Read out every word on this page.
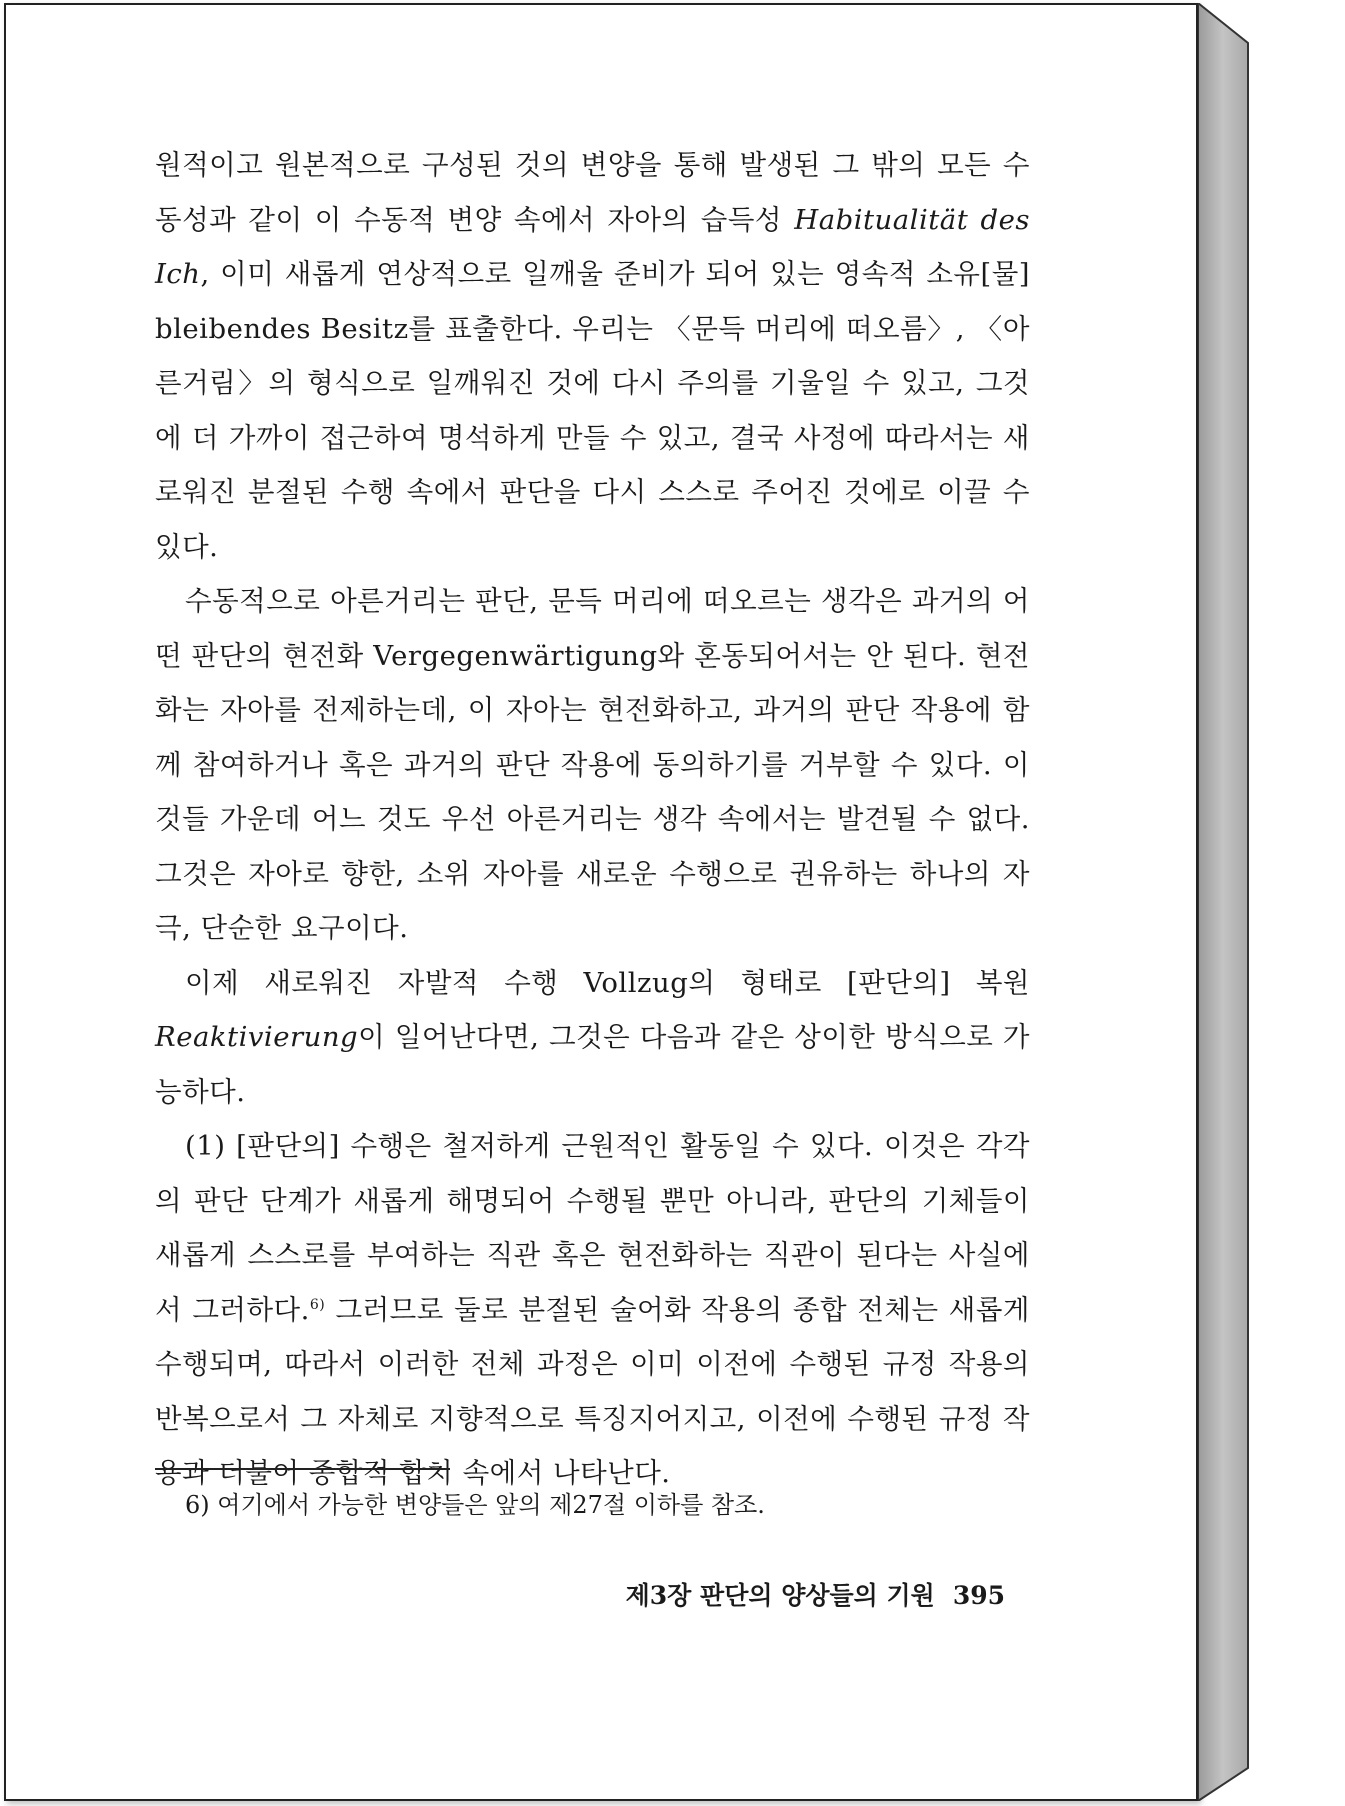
원적이고 원본적으로 구성된 것의 변양을 통해 발생된 그 밖의 모든 수동성과 같이 이 수동적 변양 속에서 자아의 습득성 Habitualität des Ich, 이미 새롭게 연상적으로 일깨울 준비가 되어 있는 영속적 소유[물] bleibendes Besitz를 표출한다. 우리는 〈문득 머리에 떠오름〉, 〈아른거림〉의 형식으로 일깨워진 것에 다시 주의를 기울일 수 있고, 그것에 더 가까이 접근하여 명석하게 만들 수 있고, 결국 사정에 따라서는 새로워진 분절된 수행 속에서 판단을 다시 스스로 주어진 것에로 이끌 수 있다.

수동적으로 아른거리는 판단, 문득 머리에 떠오르는 생각은 과거의 어떤 판단의 현전화 Vergegenwärtigung와 혼동되어서는 안 된다. 현전화는 자아를 전제하는데, 이 자아는 현전화하고, 과거의 판단 작용에 함께 참여하거나 혹은 과거의 판단 작용에 동의하기를 거부할 수 있다. 이것들 가운데 어느 것도 우선 아른거리는 생각 속에서는 발견될 수 없다. 그것은 자아로 향한, 소위 자아를 새로운 수행으로 권유하는 하나의 자극, 단순한 요구이다.

이제 새로워진 자발적 수행 Vollzug의 형태로 [판단의] 복원 Reaktivierung이 일어난다면, 그것은 다음과 같은 상이한 방식으로 가능하다.

(1) [판단의] 수행은 철저하게 근원적인 활동일 수 있다. 이것은 각각의 판단 단계가 새롭게 해명되어 수행될 뿐만 아니라, 판단의 기체들이 새롭게 스스로를 부여하는 직관 혹은 현전화하는 직관이 된다는 사실에서 그러하다.$^{6)}$ 그러므로 둘로 분절된 술어화 작용의 종합 전체는 새롭게 수행되며, 따라서 이러한 전체 과정은 이미 이전에 수행된 규정 작용의 반복으로서 그 자체로 지향적으로 특징지어지고, 이전에 수행된 규정 작용과 더불어 종합적 합치 속에서 나타난다.

6) 여기에서 가능한 변양들은 앞의 제27절 이하를 참조.
제3장 판단의 양상들의 기원 395
